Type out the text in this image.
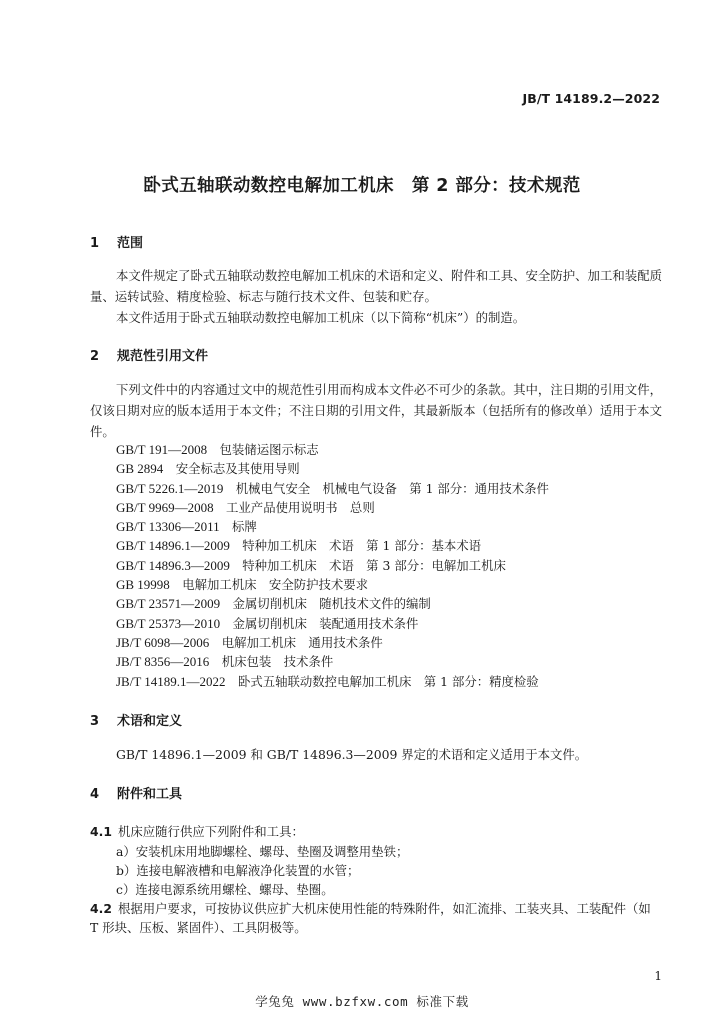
JB/T 14189.2—2022
卧式五轴联动数控电解加工机床　第 2 部分：技术规范
1 范围

本文件规定了卧式五轴联动数控电解加工机床的术语和定义、附件和工具、安全防护、加工和装配质量、运转试验、精度检验、标志与随行技术文件、包装和贮存。

本文件适用于卧式五轴联动数控电解加工机床（以下简称“机床”）的制造。

2 规范性引用文件

下列文件中的内容通过文中的规范性引用而构成本文件必不可少的条款。其中，注日期的引用文件，仅该日期对应的版本适用于本文件；不注日期的引用文件，其最新版本（包括所有的修改单）适用于本文件。

GB/T 191—2008　 包装储运图示标志
GB 2894　 安全标志及其使用导则
GB/T 5226.1—2019　 机械电气安全　机械电气设备　第 1 部分：通用技术条件
GB/T 9969—2008　 工业产品使用说明书　总则
GB/T 13306—2011　 标牌
GB/T 14896.1—2009　 特种加工机床　术语　第 1 部分：基本术语
GB/T 14896.3—2009　 特种加工机床　术语　第 3 部分：电解加工机床
GB 19998　 电解加工机床　安全防护技术要求
GB/T 23571—2009　 金属切削机床　随机技术文件的编制
GB/T 25373—2010　 金属切削机床　装配通用技术条件
JB/T 6098—2006　 电解加工机床　通用技术条件
JB/T 8356—2016　 机床包装　技术条件
JB/T 14189.1—2022　 卧式五轴联动数控电解加工机床　第 1 部分：精度检验
3 术语和定义
GB/T 14896.1—2009 和 GB/T 14896.3—2009 界定的术语和定义适用于本文件。
4 附件和工具
4.1 机床应随行供应下列附件和工具：
a）安装机床用地脚螺栓、螺母、垫圈及调整用垫铁；
b）连接电解液槽和电解液净化装置的水管；
c）连接电源系统用螺栓、螺母、垫圈。
4.2 根据用户要求，可按协议供应扩大机床使用性能的特殊附件，如汇流排、工装夹具、工装配件（如
T 形块、压板、紧固件）、工具阴极等。
1
学兔兔 www.bzfxw.com 标准下载
